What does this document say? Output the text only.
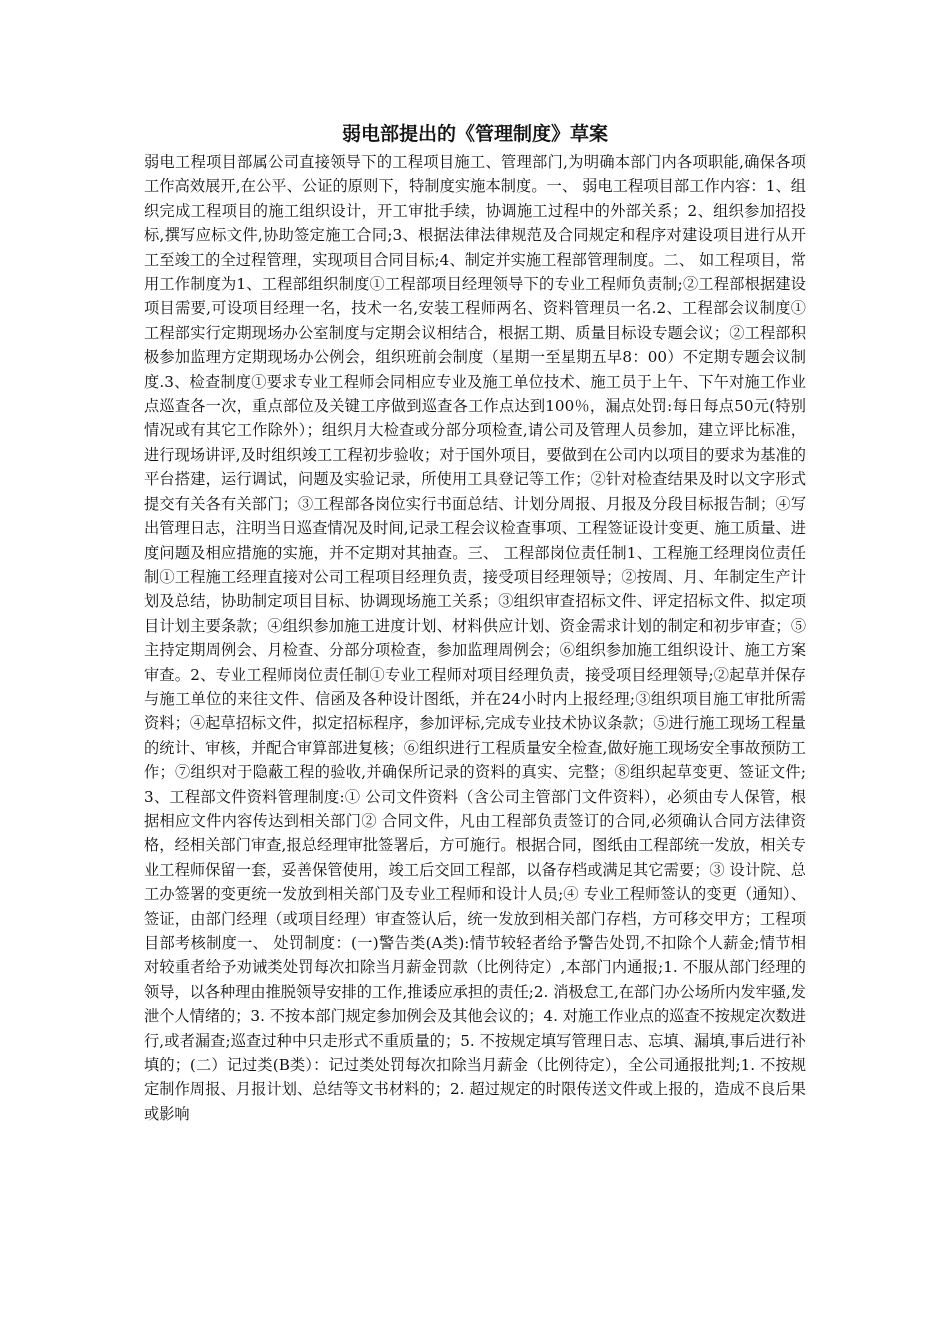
弱电部提出的《管理制度》草案

弱电工程项目部属公司直接领导下的工程项目施工、管理部门,为明确本部门内各项职能,确保各项工作高效展开,在公平、公证的原则下，特制度实施本制度。一、 弱电工程项目部工作内容：1、组织完成工程项目的施工组织设计，开工审批手续，协调施工过程中的外部关系；2、组织参加招投标,撰写应标文件,协助签定施工合同;3、根据法律法律规范及合同规定和程序对建设项目进行从开工至竣工的全过程管理，实现项目合同目标;4、制定并实施工程部管理制度。二、 如工程项目，常用工作制度为1、工程部组织制度①工程部项目经理领导下的专业工程师负责制;②工程部根据建设项目需要,可设项目经理一名，技术一名,安装工程师两名、资料管理员一名.2、工程部会议制度①工程部实行定期现场办公室制度与定期会议相结合，根据工期、质量目标设专题会议；②工程部积极参加监理方定期现场办公例会，组织班前会制度（星期一至星期五早8：00）不定期专题会议制度.3、检查制度①要求专业工程师会同相应专业及施工单位技术、施工员于上午、下午对施工作业点巡查各一次，重点部位及关键工序做到巡查各工作点达到100％，漏点处罚:每日每点50元(特别情况或有其它工作除外）；组织月大检查或分部分项检查,请公司及管理人员参加，建立评比标准，进行现场讲评,及时组织竣工工程初步验收；对于国外项目，要做到在公司内以项目的要求为基准的平台搭建，运行调试，问题及实验记录，所使用工具登记等工作；②针对检查结果及时以文字形式提交有关各有关部门；③工程部各岗位实行书面总结、计划分周报、月报及分段目标报告制；④写出管理日志，注明当日巡查情况及时间,记录工程会议检查事项、工程签证设计变更、施工质量、进度问题及相应措施的实施，并不定期对其抽查。三、 工程部岗位责任制1、工程施工经理岗位责任制①工程施工经理直接对公司工程项目经理负责，接受项目经理领导；②按周、月、年制定生产计划及总结，协助制定项目目标、协调现场施工关系；③组织审查招标文件、评定招标文件、拟定项目计划主要条款；④组织参加施工进度计划、材料供应计划、资金需求计划的制定和初步审查；⑤主持定期周例会、月检查、分部分项检查，参加监理周例会；⑥组织参加施工组织设计、施工方案审查。2、专业工程师岗位责任制①专业工程师对项目经理负责，接受项目经理领导;②起草并保存与施工单位的来往文件、信函及各种设计图纸，并在24小时内上报经理;③组织项目施工审批所需资料；④起草招标文件，拟定招标程序，参加评标,完成专业技术协议条款；⑤进行施工现场工程量的统计、审核，并配合审算部进复核；⑥组织进行工程质量安全检查,做好施工现场安全事故预防工作；⑦组织对于隐蔽工程的验收,并确保所记录的资料的真实、完整；⑧组织起草变更、签证文件;3、工程部文件资料管理制度:① 公司文件资料（含公司主管部门文件资料），必须由专人保管，根据相应文件内容传达到相关部门② 合同文件，凡由工程部负责签订的合同,必须确认合同方法律资格，经相关部门审查,报总经理审批签署后，方可施行。根据合同，图纸由工程部统一发放，相关专业工程师保留一套，妥善保管使用，竣工后交回工程部，以备存档或满足其它需要；③ 设计院、总工办签署的变更统一发放到相关部门及专业工程师和设计人员;④ 专业工程师签认的变更（通知）、签证，由部门经理（或项目经理）审查签认后，统一发放到相关部门存档，方可移交甲方；工程项目部考核制度一、 处罚制度：(一)警告类(A类):情节较轻者给予警告处罚,不扣除个人薪金;情节相对较重者给予劝诫类处罚每次扣除当月薪金罚款（比例待定）,本部门内通报;1. 不服从部门经理的领导，以各种理由推脱领导安排的工作,推诿应承担的责任;2. 消极怠工,在部门办公场所内发牢骚,发泄个人情绪的；3. 不按本部门规定参加例会及其他会议的；4. 对施工作业点的巡查不按规定次数进行,或者漏查;巡查过种中只走形式不重质量的；5. 不按规定填写管理日志、忘填、漏填,事后进行补填的；(二）记过类(B类）：记过类处罚每次扣除当月薪金（比例待定），全公司通报批判;1. 不按规定制作周报、月报计划、总结等文书材料的；2. 超过规定的时限传送文件或上报的，造成不良后果或影响
